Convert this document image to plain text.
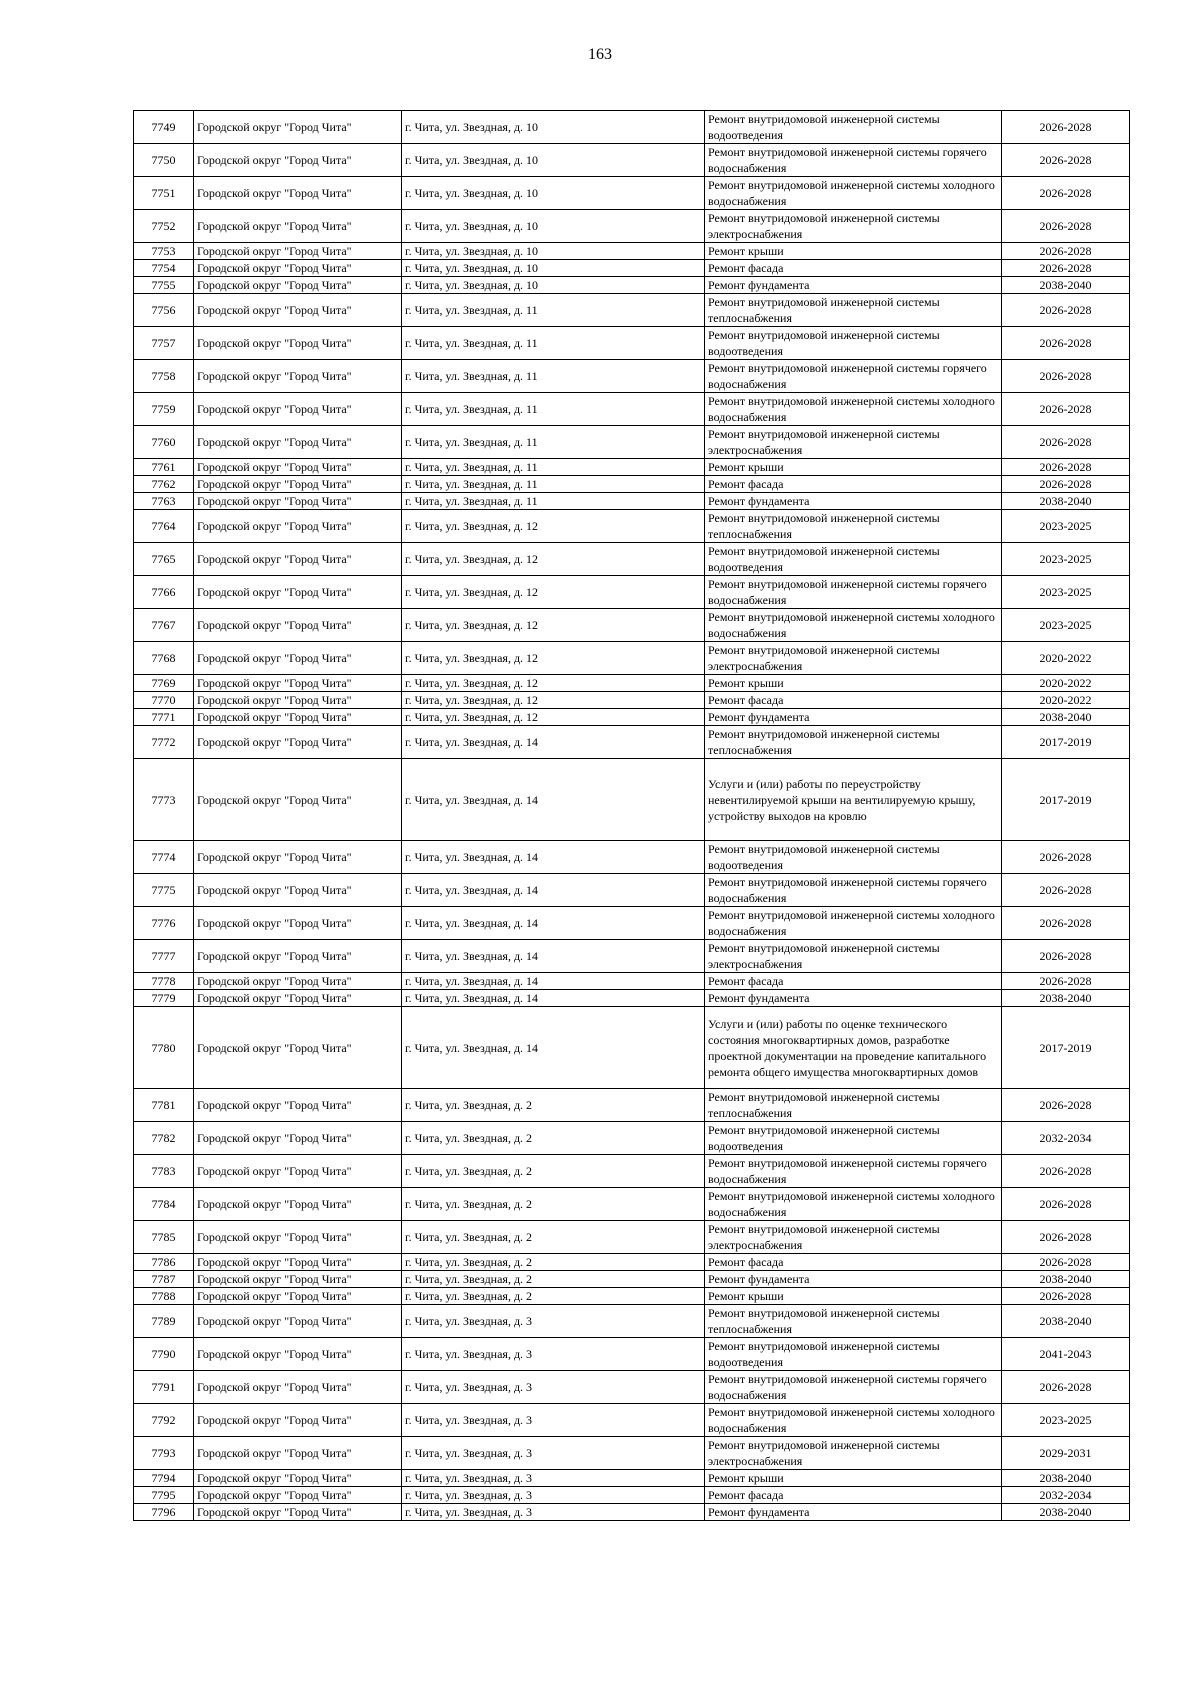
163
7749	Городской округ "Город Чита"	г. Чита, ул. Звездная, д. 10	Ремонт внутридомовой инженерной системы водоотведения	2026-2028
7750	Городской округ "Город Чита"	г. Чита, ул. Звездная, д. 10	Ремонт внутридомовой инженерной системы горячего водоснабжения	2026-2028
7751	Городской округ "Город Чита"	г. Чита, ул. Звездная, д. 10	Ремонт внутридомовой инженерной системы холодного водоснабжения	2026-2028
7752	Городской округ "Город Чита"	г. Чита, ул. Звездная, д. 10	Ремонт внутридомовой инженерной системы электроснабжения	2026-2028
7753	Городской округ "Город Чита"	г. Чита, ул. Звездная, д. 10	Ремонт крыши	2026-2028
7754	Городской округ "Город Чита"	г. Чита, ул. Звездная, д. 10	Ремонт фасада	2026-2028
7755	Городской округ "Город Чита"	г. Чита, ул. Звездная, д. 10	Ремонт фундамента	2038-2040
7756	Городской округ "Город Чита"	г. Чита, ул. Звездная, д. 11	Ремонт внутридомовой инженерной системы теплоснабжения	2026-2028
7757	Городской округ "Город Чита"	г. Чита, ул. Звездная, д. 11	Ремонт внутридомовой инженерной системы водоотведения	2026-2028
7758	Городской округ "Город Чита"	г. Чита, ул. Звездная, д. 11	Ремонт внутридомовой инженерной системы горячего водоснабжения	2026-2028
7759	Городской округ "Город Чита"	г. Чита, ул. Звездная, д. 11	Ремонт внутридомовой инженерной системы холодного водоснабжения	2026-2028
7760	Городской округ "Город Чита"	г. Чита, ул. Звездная, д. 11	Ремонт внутридомовой инженерной системы электроснабжения	2026-2028
7761	Городской округ "Город Чита"	г. Чита, ул. Звездная, д. 11	Ремонт крыши	2026-2028
7762	Городской округ "Город Чита"	г. Чита, ул. Звездная, д. 11	Ремонт фасада	2026-2028
7763	Городской округ "Город Чита"	г. Чита, ул. Звездная, д. 11	Ремонт фундамента	2038-2040
7764	Городской округ "Город Чита"	г. Чита, ул. Звездная, д. 12	Ремонт внутридомовой инженерной системы теплоснабжения	2023-2025
7765	Городской округ "Город Чита"	г. Чита, ул. Звездная, д. 12	Ремонт внутридомовой инженерной системы водоотведения	2023-2025
7766	Городской округ "Город Чита"	г. Чита, ул. Звездная, д. 12	Ремонт внутридомовой инженерной системы горячего водоснабжения	2023-2025
7767	Городской округ "Город Чита"	г. Чита, ул. Звездная, д. 12	Ремонт внутридомовой инженерной системы холодного водоснабжения	2023-2025
7768	Городской округ "Город Чита"	г. Чита, ул. Звездная, д. 12	Ремонт внутридомовой инженерной системы электроснабжения	2020-2022
7769	Городской округ "Город Чита"	г. Чита, ул. Звездная, д. 12	Ремонт крыши	2020-2022
7770	Городской округ "Город Чита"	г. Чита, ул. Звездная, д. 12	Ремонт фасада	2020-2022
7771	Городской округ "Город Чита"	г. Чита, ул. Звездная, д. 12	Ремонт фундамента	2038-2040
7772	Городской округ "Город Чита"	г. Чита, ул. Звездная, д. 14	Ремонт внутридомовой инженерной системы теплоснабжения	2017-2019
7773	Городской округ "Город Чита"	г. Чита, ул. Звездная, д. 14	Услуги и (или) работы по переустройству невентилируемой крыши на вентилируемую крышу, устройству выходов на кровлю	2017-2019
7774	Городской округ "Город Чита"	г. Чита, ул. Звездная, д. 14	Ремонт внутридомовой инженерной системы водоотведения	2026-2028
7775	Городской округ "Город Чита"	г. Чита, ул. Звездная, д. 14	Ремонт внутридомовой инженерной системы горячего водоснабжения	2026-2028
7776	Городской округ "Город Чита"	г. Чита, ул. Звездная, д. 14	Ремонт внутридомовой инженерной системы холодного водоснабжения	2026-2028
7777	Городской округ "Город Чита"	г. Чита, ул. Звездная, д. 14	Ремонт внутридомовой инженерной системы электроснабжения	2026-2028
7778	Городской округ "Город Чита"	г. Чита, ул. Звездная, д. 14	Ремонт фасада	2026-2028
7779	Городской округ "Город Чита"	г. Чита, ул. Звездная, д. 14	Ремонт фундамента	2038-2040
7780	Городской округ "Город Чита"	г. Чита, ул. Звездная, д. 14	Услуги и (или) работы по оценке технического состояния многоквартирных домов, разработке проектной документации на проведение капитального ремонта общего имущества многоквартирных домов	2017-2019
7781	Городской округ "Город Чита"	г. Чита, ул. Звездная, д. 2	Ремонт внутридомовой инженерной системы теплоснабжения	2026-2028
7782	Городской округ "Город Чита"	г. Чита, ул. Звездная, д. 2	Ремонт внутридомовой инженерной системы водоотведения	2032-2034
7783	Городской округ "Город Чита"	г. Чита, ул. Звездная, д. 2	Ремонт внутридомовой инженерной системы горячего водоснабжения	2026-2028
7784	Городской округ "Город Чита"	г. Чита, ул. Звездная, д. 2	Ремонт внутридомовой инженерной системы холодного водоснабжения	2026-2028
7785	Городской округ "Город Чита"	г. Чита, ул. Звездная, д. 2	Ремонт внутридомовой инженерной системы электроснабжения	2026-2028
7786	Городской округ "Город Чита"	г. Чита, ул. Звездная, д. 2	Ремонт фасада	2026-2028
7787	Городской округ "Город Чита"	г. Чита, ул. Звездная, д. 2	Ремонт фундамента	2038-2040
7788	Городской округ "Город Чита"	г. Чита, ул. Звездная, д. 2	Ремонт крыши	2026-2028
7789	Городской округ "Город Чита"	г. Чита, ул. Звездная, д. 3	Ремонт внутридомовой инженерной системы теплоснабжения	2038-2040
7790	Городской округ "Город Чита"	г. Чита, ул. Звездная, д. 3	Ремонт внутридомовой инженерной системы водоотведения	2041-2043
7791	Городской округ "Город Чита"	г. Чита, ул. Звездная, д. 3	Ремонт внутридомовой инженерной системы горячего водоснабжения	2026-2028
7792	Городской округ "Город Чита"	г. Чита, ул. Звездная, д. 3	Ремонт внутридомовой инженерной системы холодного водоснабжения	2023-2025
7793	Городской округ "Город Чита"	г. Чита, ул. Звездная, д. 3	Ремонт внутридомовой инженерной системы электроснабжения	2029-2031
7794	Городской округ "Город Чита"	г. Чита, ул. Звездная, д. 3	Ремонт крыши	2038-2040
7795	Городской округ "Город Чита"	г. Чита, ул. Звездная, д. 3	Ремонт фасада	2032-2034
7796	Городской округ "Город Чита"	г. Чита, ул. Звездная, д. 3	Ремонт фундамента	2038-2040
